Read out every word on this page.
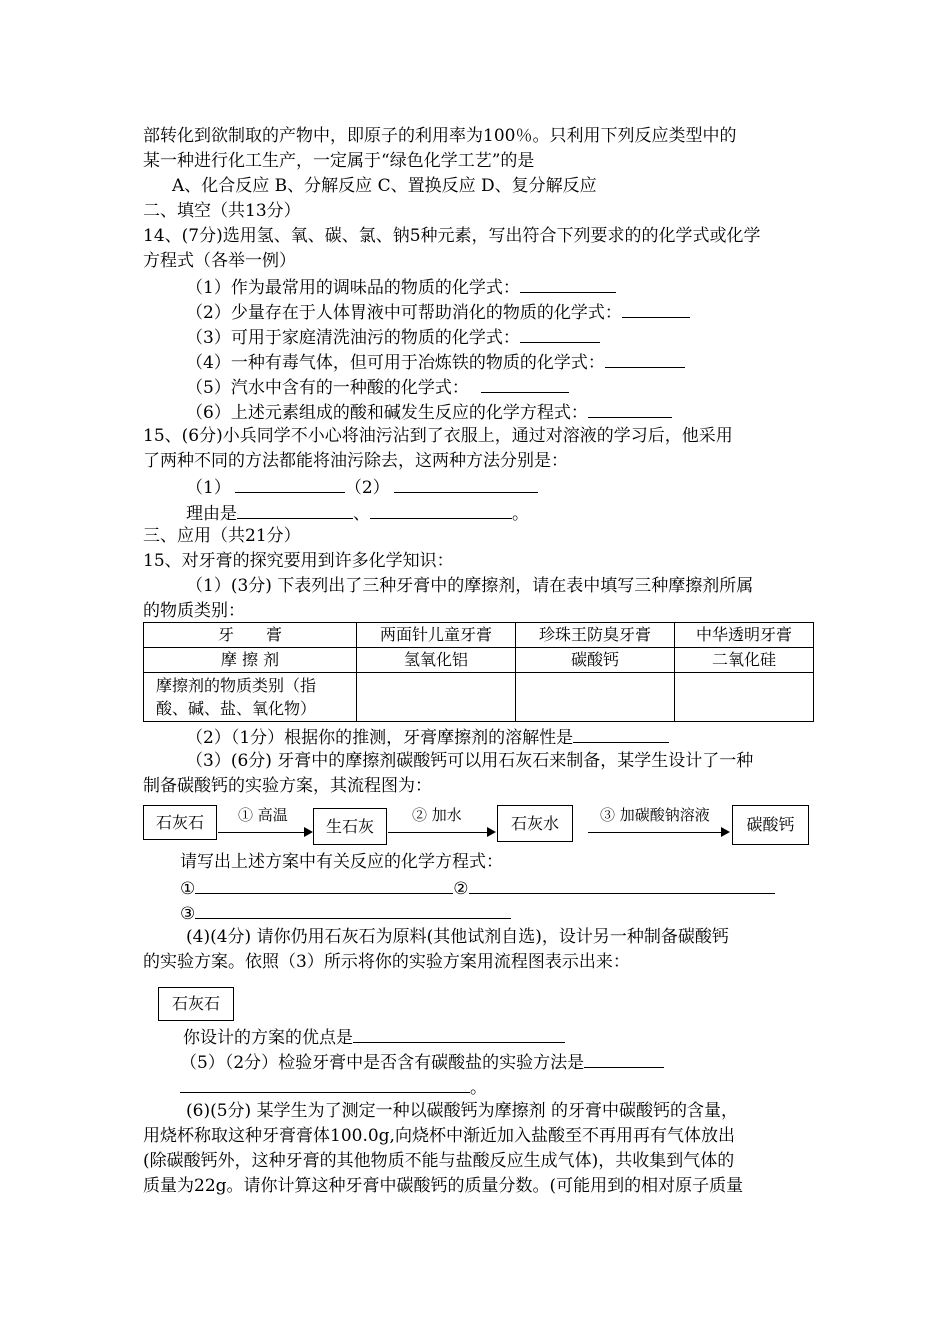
部转化到欲制取的产物中，即原子的利用率为100％。只利用下列反应类型中的
某一种进行化工生产，一定属于“绿色化学工艺”的是
A、化合反应 B、分解反应 C、置换反应 D、复分解反应
二、填空（共13分）
14、(7分)选用氢、氧、碳、氯、钠5种元素，写出符合下列要求的的化学式或化学
方程式（各举一例）
（1）作为最常用的调味品的物质的化学式：
（2）少量存在于人体胃液中可帮助消化的物质的化学式：
（3）可用于家庭清洗油污的物质的化学式：
（4）一种有毒气体，但可用于冶炼铁的物质的化学式：
（5）汽水中含有的一种酸的化学式：
（6）上述元素组成的酸和碱发生反应的化学方程式：
15、(6分)小兵同学不小心将油污沾到了衣服上，通过对溶液的学习后，他采用
了两种不同的方法都能将油污除去，这两种方法分别是：
（1）	（2）
理由是	、	。
三、应用（共21分）
15、对牙膏的探究要用到许多化学知识：
（1）(3分) 下表列出了三种牙膏中的摩擦剂，请在表中填写三种摩擦剂所属
的物质类别：
牙　　膏	两面针儿童牙膏	珍珠王防臭牙膏	中华透明牙膏
摩 擦 剂	氢氧化铝	碳酸钙	二氧化硅

摩擦剂的物质类别（指
酸、碱、盐、氧化物）			

（2）（1分）根据你的推测，牙膏摩擦剂的溶解性是
（3）(6分) 牙膏中的摩擦剂碳酸钙可以用石灰石来制备，某学生设计了一种
制备碳酸钙的实验方案，其流程图为：
石灰石	① 高温
生石灰
② 加水	石灰水	③ 加碳酸钠溶液	碳酸钙
请写出上述方案中有关反应的化学方程式：
①	②
③
(4)(4分) 请你仍用石灰石为原料(其他试剂自选)，设计另一种制备碳酸钙
的实验方案。依照（3）所示将你的实验方案用流程图表示出来：
石灰石
你设计的方案的优点是
（5）（2分）检验牙膏中是否含有碳酸盐的实验方法是
。
(6)(5分) 某学生为了测定一种以碳酸钙为摩擦剂 的牙膏中碳酸钙的含量，
用烧杯称取这种牙膏膏体100.0g,向烧杯中渐近加入盐酸至不再用再有气体放出
(除碳酸钙外，这种牙膏的其他物质不能与盐酸反应生成气体)，共收集到气体的
质量为22g。请你计算这种牙膏中碳酸钙的质量分数。(可能用到的相对原子质量
